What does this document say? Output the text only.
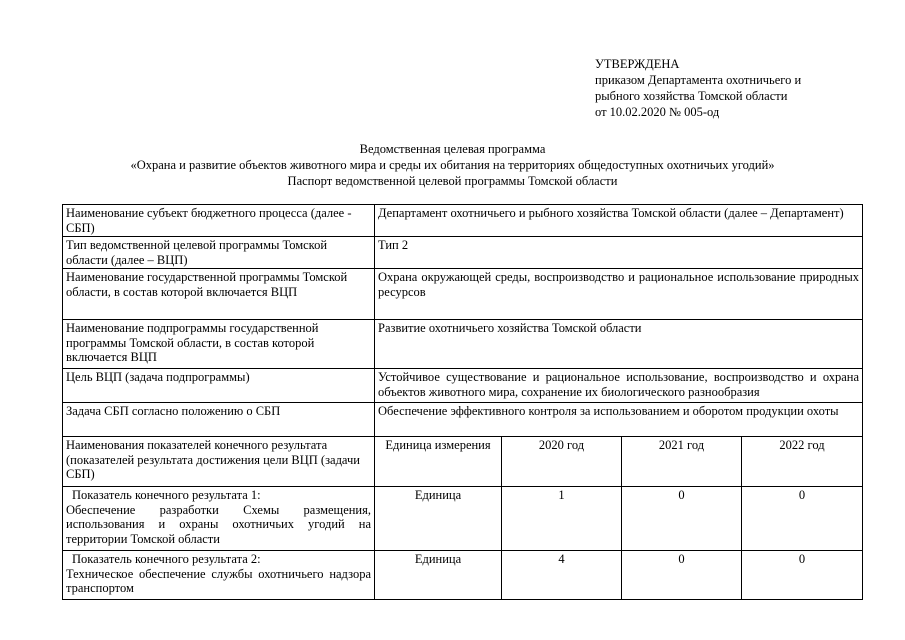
УТВЕРЖДЕНА
приказом Департамента охотничьего и
рыбного хозяйства Томской области
от 10.02.2020 № 005-од
Ведомственная целевая программа
«Охрана и развитие объектов животного мира и среды их обитания на территориях общедоступных охотничьих угодий»
Паспорт ведомственной целевой программы Томской области
Наименование субъект бюджетного процесса (далее - СБП)	Департамент охотничьего и рыбного хозяйства Томской области (далее – Департамент)			
Тип ведомственной целевой программы Томской области (далее – ВЦП)	Тип 2			
Наименование государственной программы Томской области, в состав которой включается ВЦП	Охрана окружающей среды, воспроизводство и рациональное использование природных ресурсов			
Наименование подпрограммы государственной программы Томской области, в состав которой включается ВЦП	Развитие охотничьего хозяйства Томской области			
Цель ВЦП (задача подпрограммы)	Устойчивое существование и рациональное использование, воспроизводство и охрана объектов животного мира, сохранение их биологического разнообразия			
Задача СБП согласно положению о СБП	Обеспечение эффективного контроля за использованием и оборотом продукции охоты			
Наименования показателей конечного результата (показателей результата достижения цели ВЦП (задачи СБП)	Единица измерения	2020 год	2021 год	2022 год

Показатель конечного результата 1:
Обеспечение разработки Схемы размещения, использования и охраны охотничьих угодий на территории Томской области	Единица	1	0	0

Показатель конечного результата 2:
Техническое обеспечение службы охотничьего надзора транспортом	Единица	4	0	0
